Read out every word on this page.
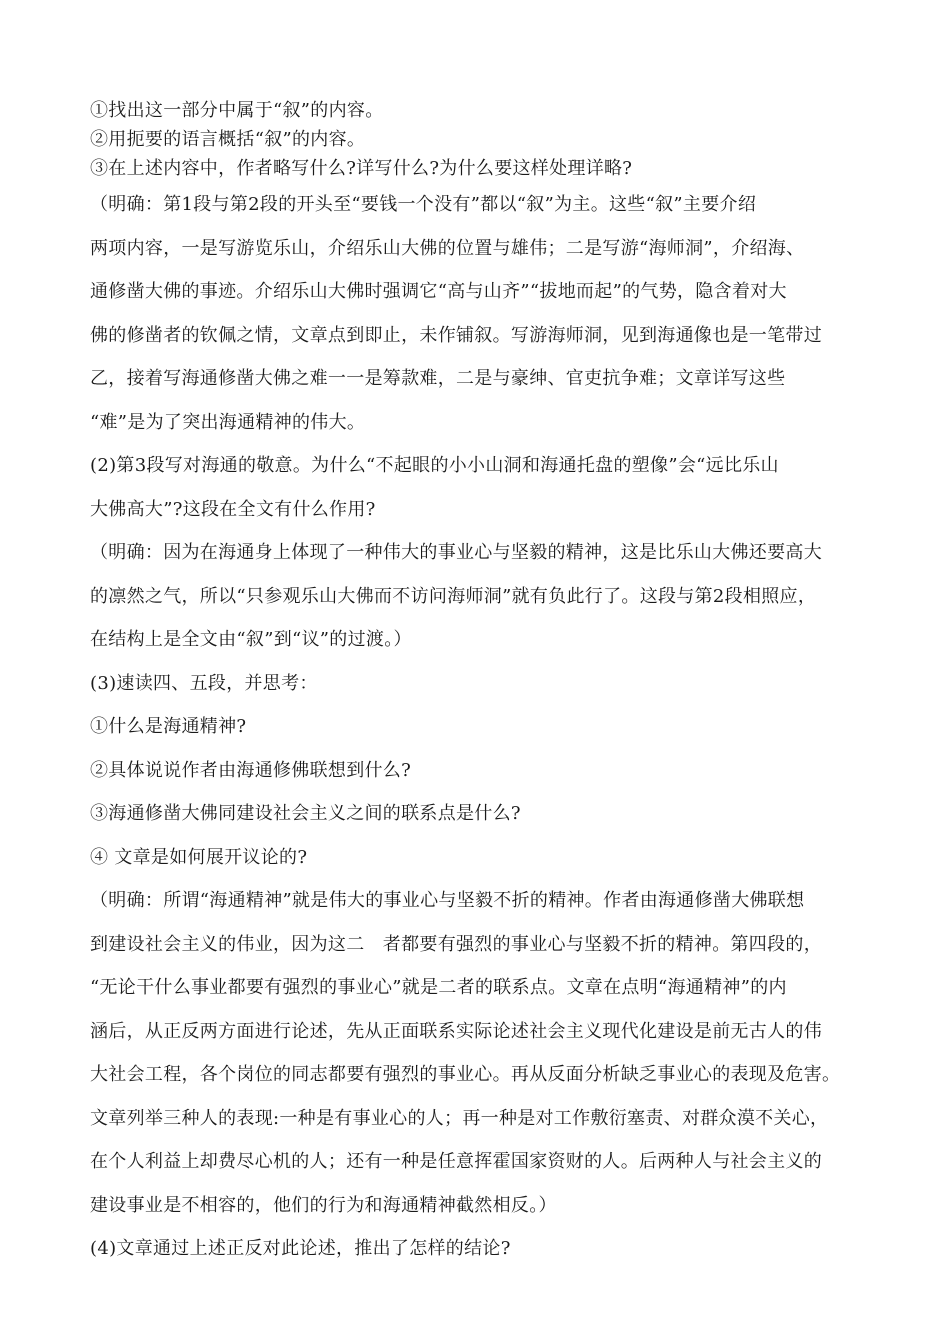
①找出这一部分中属于“叙”的内容。
②用扼要的语言概括“叙”的内容。
③在上述内容中，作者略写什么?详写什么?为什么要这样处理详略?
（明确：第1段与第2段的开头至“要钱一个没有”都以“叙”为主。这些“叙”主要介绍
两项内容，一是写游览乐山，介绍乐山大佛的位置与雄伟；二是写游“海师洞”，介绍海、
通修凿大佛的事迹。介绍乐山大佛时强调它“高与山齐”“拔地而起”的气势，隐含着对大
佛的修凿者的钦佩之情，文章点到即止，未作铺叙。写游海师洞，见到海通像也是一笔带过
乙，接着写海通修凿大佛之难一一是筹款难，二是与豪绅、官吏抗争难；文章详写这些
“难”是为了突出海通精神的伟大。
(2)第3段写对海通的敬意。为什么“不起眼的小小山洞和海通托盘的塑像”会“远比乐山
大佛高大”?这段在全文有什么作用?
（明确：因为在海通身上体现了一种伟大的事业心与坚毅的精神，这是比乐山大佛还要高大
的凛然之气，所以“只参观乐山大佛而不访问海师洞”就有负此行了。这段与第2段相照应，
在结构上是全文由“叙”到“议”的过渡。）
(3)速读四、五段，并思考：
①什么是海通精神?
②具体说说作者由海通修佛联想到什么?
③海通修凿大佛同建设社会主义之间的联系点是什么?
④ 文章是如何展开议论的?
（明确：所谓“海通精神”就是伟大的事业心与坚毅不折的精神。作者由海通修凿大佛联想
到建设社会主义的伟业，因为这二　者都要有强烈的事业心与坚毅不折的精神。第四段的，
“无论干什么事业都要有强烈的事业心”就是二者的联系点。文章在点明“海通精神”的内
涵后，从正反两方面进行论述，先从正面联系实际论述社会主义现代化建设是前无古人的伟
大社会工程，各个岗位的同志都要有强烈的事业心。再从反面分析缺乏事业心的表现及危害。
文章列举三种人的表现:一种是有事业心的人；再一种是对工作敷衍塞责、对群众漠不关心，
在个人利益上却费尽心机的人；还有一种是任意挥霍国家资财的人。后两种人与社会主义的
建设事业是不相容的，他们的行为和海通精神截然相反。）
(4)文章通过上述正反对此论述，推出了怎样的结论?
